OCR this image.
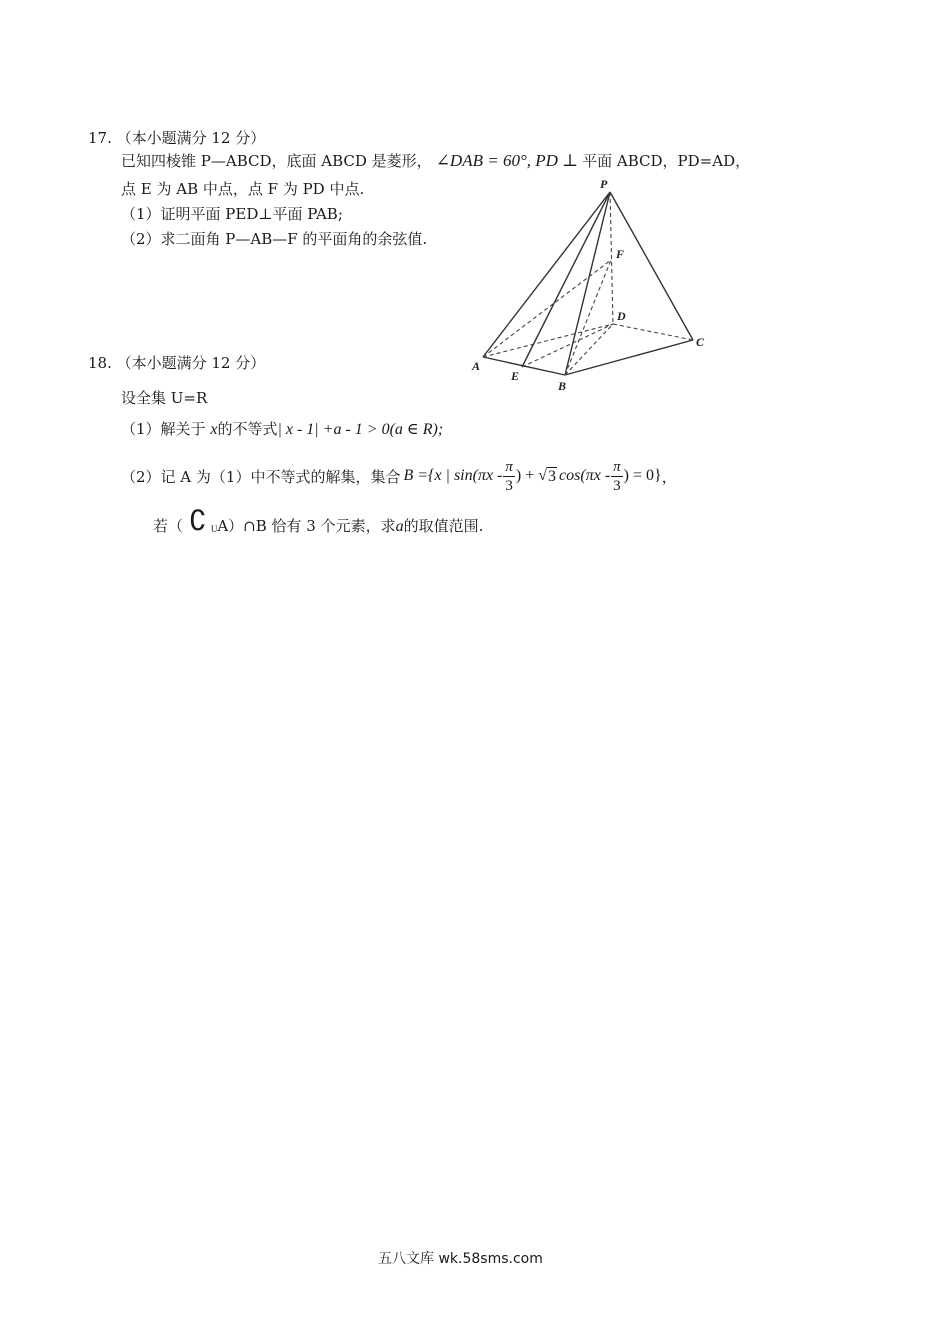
17. （本小题满分 12 分）
已知四棱锥 P—ABCD，底面 ABCD 是菱形， ∠DAB = 60°, PD ⊥ 平面 ABCD，PD=AD，
点 E 为 AB 中点，点 F 为 PD 中点.
（1）证明平面 PED⊥平面 PAB;
（2）求二面角 P—AB—F 的平面角的余弦值.
P
F
D
C
A
E
B
18. （本小题满分 12 分）
设全集 U=R
（1）解关于 x的不等式| x - 1| +a - 1 > 0(a ∈ R);
（2）记 A 为（1）中不等式的解集，集合 B ={x | $\sin(\pi x - \frac{\pi}{3}$ ) + √ 3 $\cos(\pi x - \frac{\pi}{3}$ ) = 0} ，
若（ ∁ U A）∩B 恰有 3 个元素，求 a 的取值范围.
五八文库 wk.58sms.com
